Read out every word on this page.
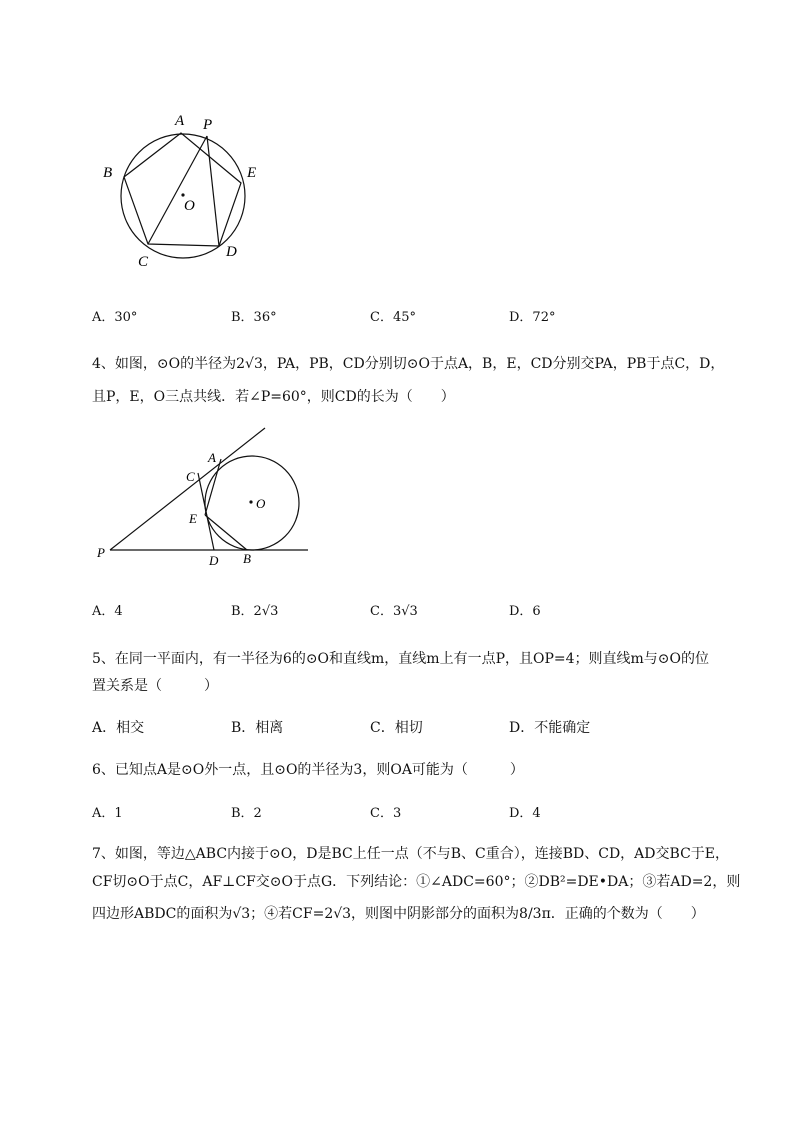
A P
B	E
O
C
D
A．30°	B．36°	C．45°	D．72°
4、如图，⊙O的半径为2√3，PA，PB，CD分别切⊙O于点A，B，E，CD分别交PA，PB于点C，D，
且P，E，O三点共线．若∠P=60°，则CD的长为（　　）
A
C
O
E
P
D B
A．4	B．2√3	C．3√3	D．6
5、在同一平面内，有一半径为6的⊙O和直线m，直线m上有一点P，且OP=4；则直线m与⊙O的位
置关系是（　　　）
A．相交	B．相离	C．相切	D．不能确定
6、已知点A是⊙O外一点，且⊙O的半径为3，则OA可能为（　　　）
A．1	B．2	C．3	D．4
7、如图，等边△ABC内接于⊙O，D是BC上任一点（不与B、C重合），连接BD、CD，AD交BC于E，
CF切⊙O于点C，AF⊥CF交⊙O于点G．下列结论：①∠ADC=60°；②DB²=DE•DA；③若AD=2，则
四边形ABDC的面积为√3；④若CF=2√3，则图中阴影部分的面积为8/3π．正确的个数为（　　）
